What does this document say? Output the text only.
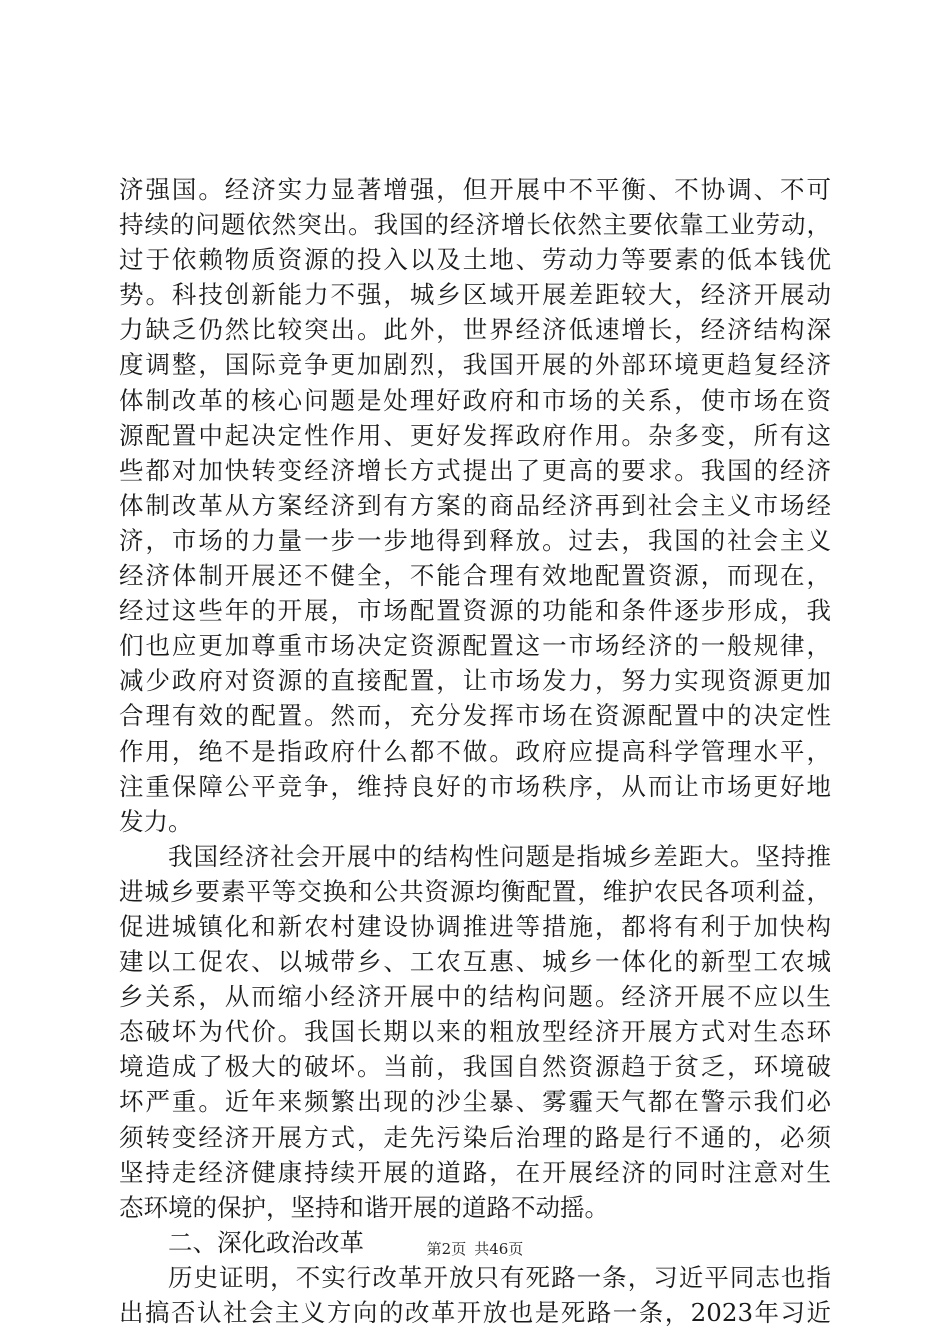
济强国。经济实力显著增强，但开展中不平衡、不协调、不可
持续的问题依然突出。我国的经济增长依然主要依靠工业劳动，
过于依赖物质资源的投入以及土地、劳动力等要素的低本钱优
势。科技创新能力不强，城乡区域开展差距较大，经济开展动
力缺乏仍然比较突出。此外，世界经济低速增长，经济结构深
度调整，国际竞争更加剧烈，我国开展的外部环境更趋复经济
体制改革的核心问题是处理好政府和市场的关系，使市场在资
源配置中起决定性作用、更好发挥政府作用。杂多变，所有这
些都对加快转变经济增长方式提出了更高的要求。我国的经济
体制改革从方案经济到有方案的商品经济再到社会主义市场经
济，市场的力量一步一步地得到释放。过去，我国的社会主义
经济体制开展还不健全，不能合理有效地配置资源，而现在，
经过这些年的开展，市场配置资源的功能和条件逐步形成，我
们也应更加尊重市场决定资源配置这一市场经济的一般规律，
减少政府对资源的直接配置，让市场发力，努力实现资源更加
合理有效的配置。然而，充分发挥市场在资源配置中的决定性
作用，绝不是指政府什么都不做。政府应提高科学管理水平，
注重保障公平竞争，维持良好的市场秩序，从而让市场更好地
发力。
我国经济社会开展中的结构性问题是指城乡差距大。坚持推
进城乡要素平等交换和公共资源均衡配置，维护农民各项利益，
促进城镇化和新农村建设协调推进等措施，都将有利于加快构
建以工促农、以城带乡、工农互惠、城乡一体化的新型工农城
乡关系，从而缩小经济开展中的结构问题。经济开展不应以生
态破坏为代价。我国长期以来的粗放型经济开展方式对生态环
境造成了极大的破坏。当前，我国自然资源趋于贫乏，环境破
坏严重。近年来频繁出现的沙尘暴、雾霾天气都在警示我们必
须转变经济开展方式，走先污染后治理的路是行不通的，必须
坚持走经济健康持续开展的道路，在开展经济的同时注意对生
态环境的保护，坚持和谐开展的道路不动摇。
二、深化政治改革
历史证明，不实行改革开放只有死路一条，习近平同志也指
出搞否认社会主义方向的改革开放也是死路一条，2023年习近
第2页 共46页
